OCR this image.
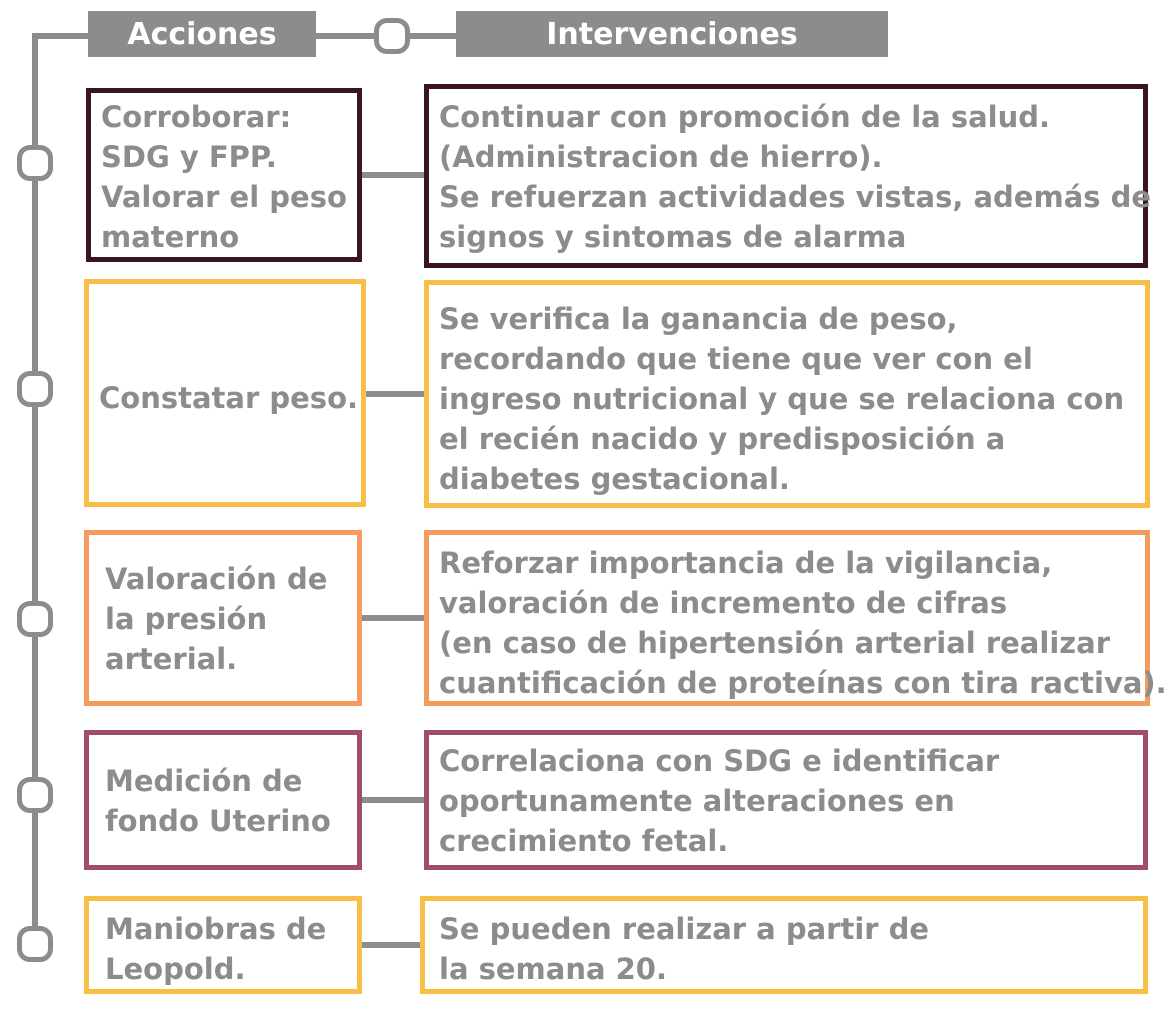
Acciones	Intervenciones
Corroborar:
SDG y FPP.
Valorar el peso
materno
Continuar con promoción de la salud.
(Administracion de hierro).
Se refuerzan actividades vistas, además de
signos y sintomas de alarma
Constatar peso.
Se verifica la ganancia de peso,
recordando que tiene que ver con el
ingreso nutricional y que se relaciona con
el recién nacido y predisposición a
diabetes gestacional.
Valoración de
la presión
arterial.
Reforzar importancia de la vigilancia,
valoración de incremento de cifras
(en caso de hipertensión arterial realizar
cuantificación de proteínas con tira ractiva).
Medición de
fondo Uterino
Correlaciona con SDG e identificar
oportunamente alteraciones en
crecimiento fetal.
Maniobras de
Leopold.
Se pueden realizar a partir de
la semana 20.
